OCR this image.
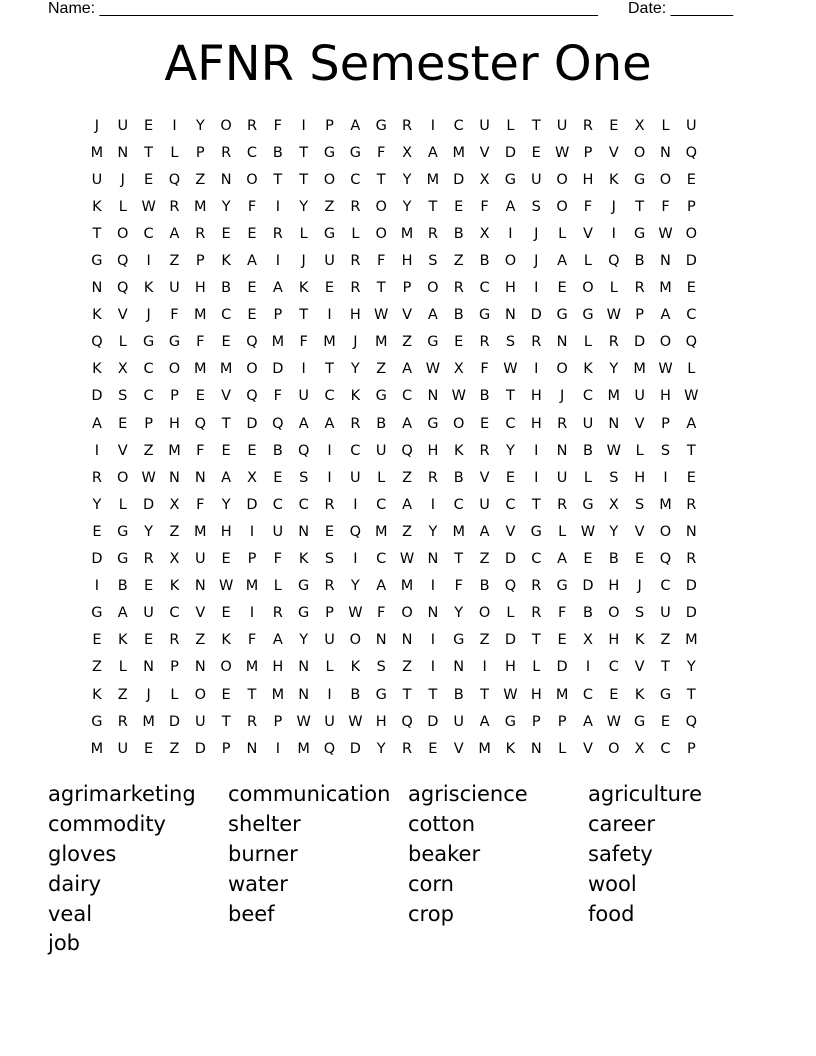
Name: ________________________________________________________ Date: _______
AFNR Semester One
J	U	E	I	Y	O	R	F	I	P	A	G	R	I	C	U	L	T	U	R	E	X	L	U
M N	T	L	P	R	C	B	T	G	G	F	X	A	M	V	D	E W P	V	O	N	Q
U	J	E	Q	Z	N	O	T	T	O	C	T	Y	M D	X	G	U	O	H	K	G	O	E
K	L	W R	M	Y	F	I	Y	Z	R	O	Y	T	E	F	A	S	O	F	J	T	F	P
T	O	C	A	R	E	E	R	L	G	L	O M	R	B	X	I	J	L	V	I	G W O
G	Q	I	Z	P	K	A	I	J	U	R	F	H	S	Z	B	O	J	A	L	Q	B	N	D
N	Q	K	U	H	B	E	A	K	E	R	T	P	O	R	C	H	I	E	O	L	R	M	E
K	V	J	F	M	C	E	P	T	I	H W V	A	B	G	N	D	G	G W P	A	C
Q	L	G	G	F	E	Q M	F	M	J	M	Z	G	E	R	S	R	N	L	R	D	O Q
K	X	C	O M M O	D	I	T	Y	Z	A W X	F	W	I	O	K	Y	M W	L
D	S	C	P	E	V	Q	F	U	C	K	G	C	N W B	T	H	J	C	M U	H W
A	E	P	H	Q	T	D	Q	A	A	R	B	A	G	O	E	C	H	R	U	N	V	P	A
I	V	Z	M	F	E	E	B	Q	I	C	U	Q	H	K	R	Y	I	N	B W	L	S	T
R	O W N	N	A	X	E	S	I	U	L	Z	R	B	V	E	I	U	L	S	H	I	E
Y	L	D	X	F	Y	D	C	C	R	I	C	A	I	C	U	C	T	R	G	X	S	M	R
E	G	Y	Z	M H	I	U	N	E	Q M	Z	Y	M	A	V	G	L	W Y	V	O	N
D	G	R	X	U	E	P	F	K	S	I	C W N	T	Z	D	C	A	E	B	E	Q	R
I	B	E	K	N W M	L	G	R	Y	A	M	I	F	B	Q	R	G	D	H	J	C	D
G	A	U	C	V	E	I	R	G	P W	F	O	N	Y	O	L	R	F	B	O	S	U	D
E	K	E	R	Z	K	F	A	Y	U	O	N	N	I	G	Z	D	T	E	X	H	K	Z	M
Z	L	N	P	N	O M H	N	L	K	S	Z	I	N	I	H	L	D	I	C	V	T	Y
K	Z	J	L	O	E	T	M N	I	B	G	T	T	B	T W H M	C	E	K	G	T
G	R	M D	U	T	R	P W U W H	Q	D	U	A	G	P	P	A W G	E	Q
M U	E	Z	D	P	N	I	M Q	D	Y	R	E	V	M	K	N	L	V	O	X	C	P
agrimarketing	communication agriscience	agriculture
commodity	shelter	cotton	career
gloves	burner	beaker	safety
dairy	water	corn	wool
veal	beef	crop	food
job
